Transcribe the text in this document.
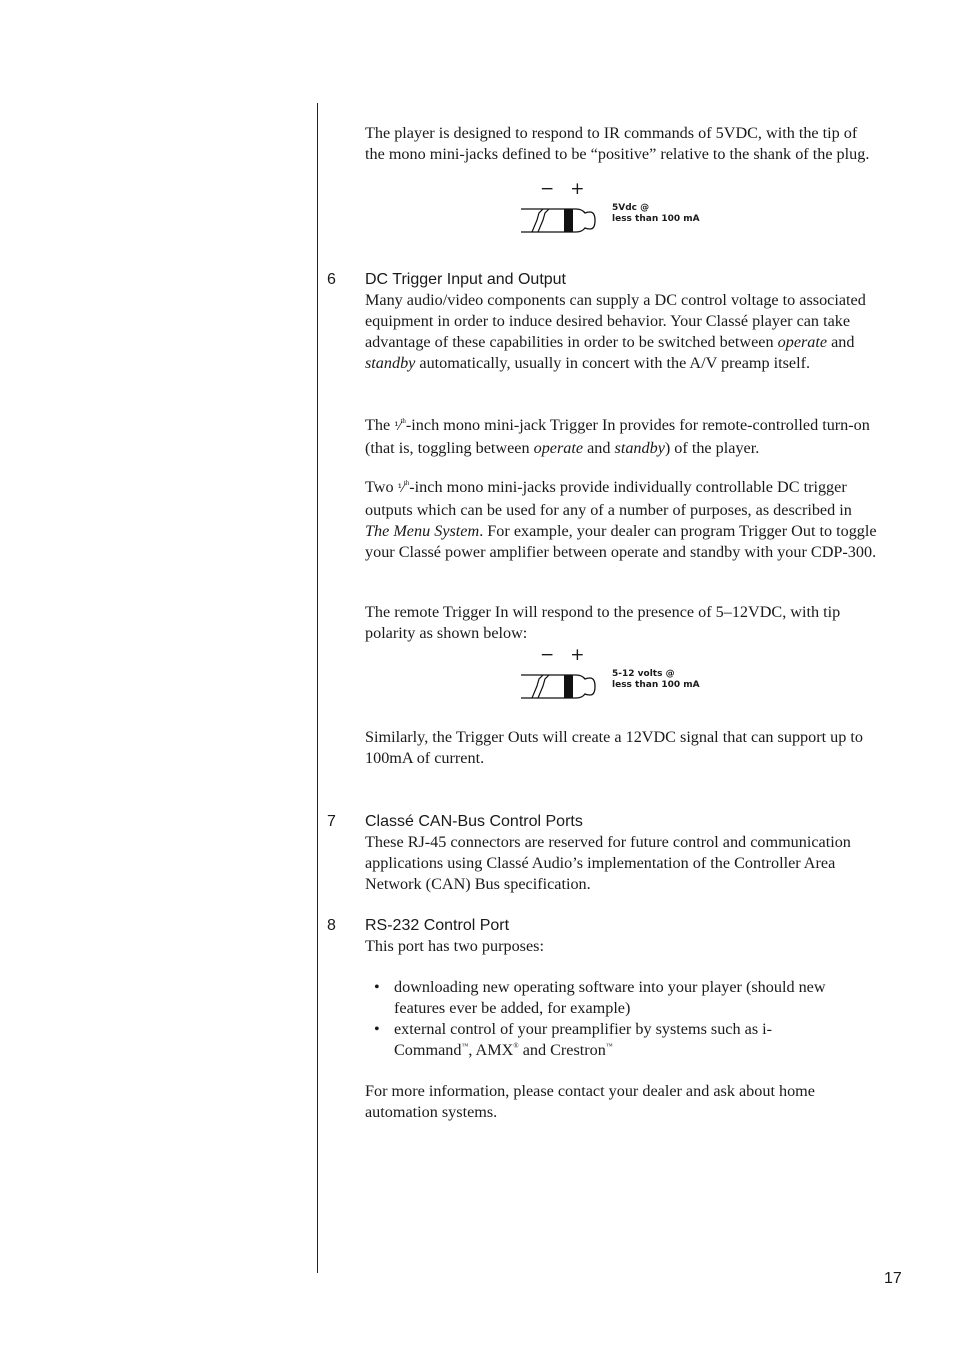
The player is designed to respond to IR commands of 5VDC, with the tip of the mono mini-jacks defined to be “positive” relative to the shank of the plug.

−+
5Vdc @
less than 100 mA
6 DC Trigger Input and Output

Many audio/video components can supply a DC control voltage to associated equipment in order to induce desired behavior. Your Classé player can take advantage of these capabilities in order to be switched between operate and standby automatically, usually in concert with the A/V preamp itself.

The ⅟$^{th}$-inch mono mini-jack Trigger In provides for remote-controlled turn-on (that is, toggling between operate and standby) of the player.

Two ⅟$^{th}$-inch mono mini-jacks provide individually controllable DC trigger outputs which can be used for any of a number of purposes, as described in The Menu System. For example, your dealer can program Trigger Out to toggle your Classé power amplifier between operate and standby with your CDP-300.

The remote Trigger In will respond to the presence of 5–12VDC, with tip polarity as shown below:

−+
5-12 volts @
less than 100 mA

Similarly, the Trigger Outs will create a 12VDC signal that can support up to 100mA of current.

7 Classé CAN-Bus Control Ports

These RJ-45 connectors are reserved for future control and communication applications using Classé Audio’s implementation of the Controller Area Network (CAN) Bus specification.

8 RS-232 Control Port

This port has two purposes:

• downloading new operating software into your player (should new features ever be added, for example)
• external control of your preamplifier by systems such as i-Command™, AMX® and Crestron™

For more information, please contact your dealer and ask about home automation systems.

17
